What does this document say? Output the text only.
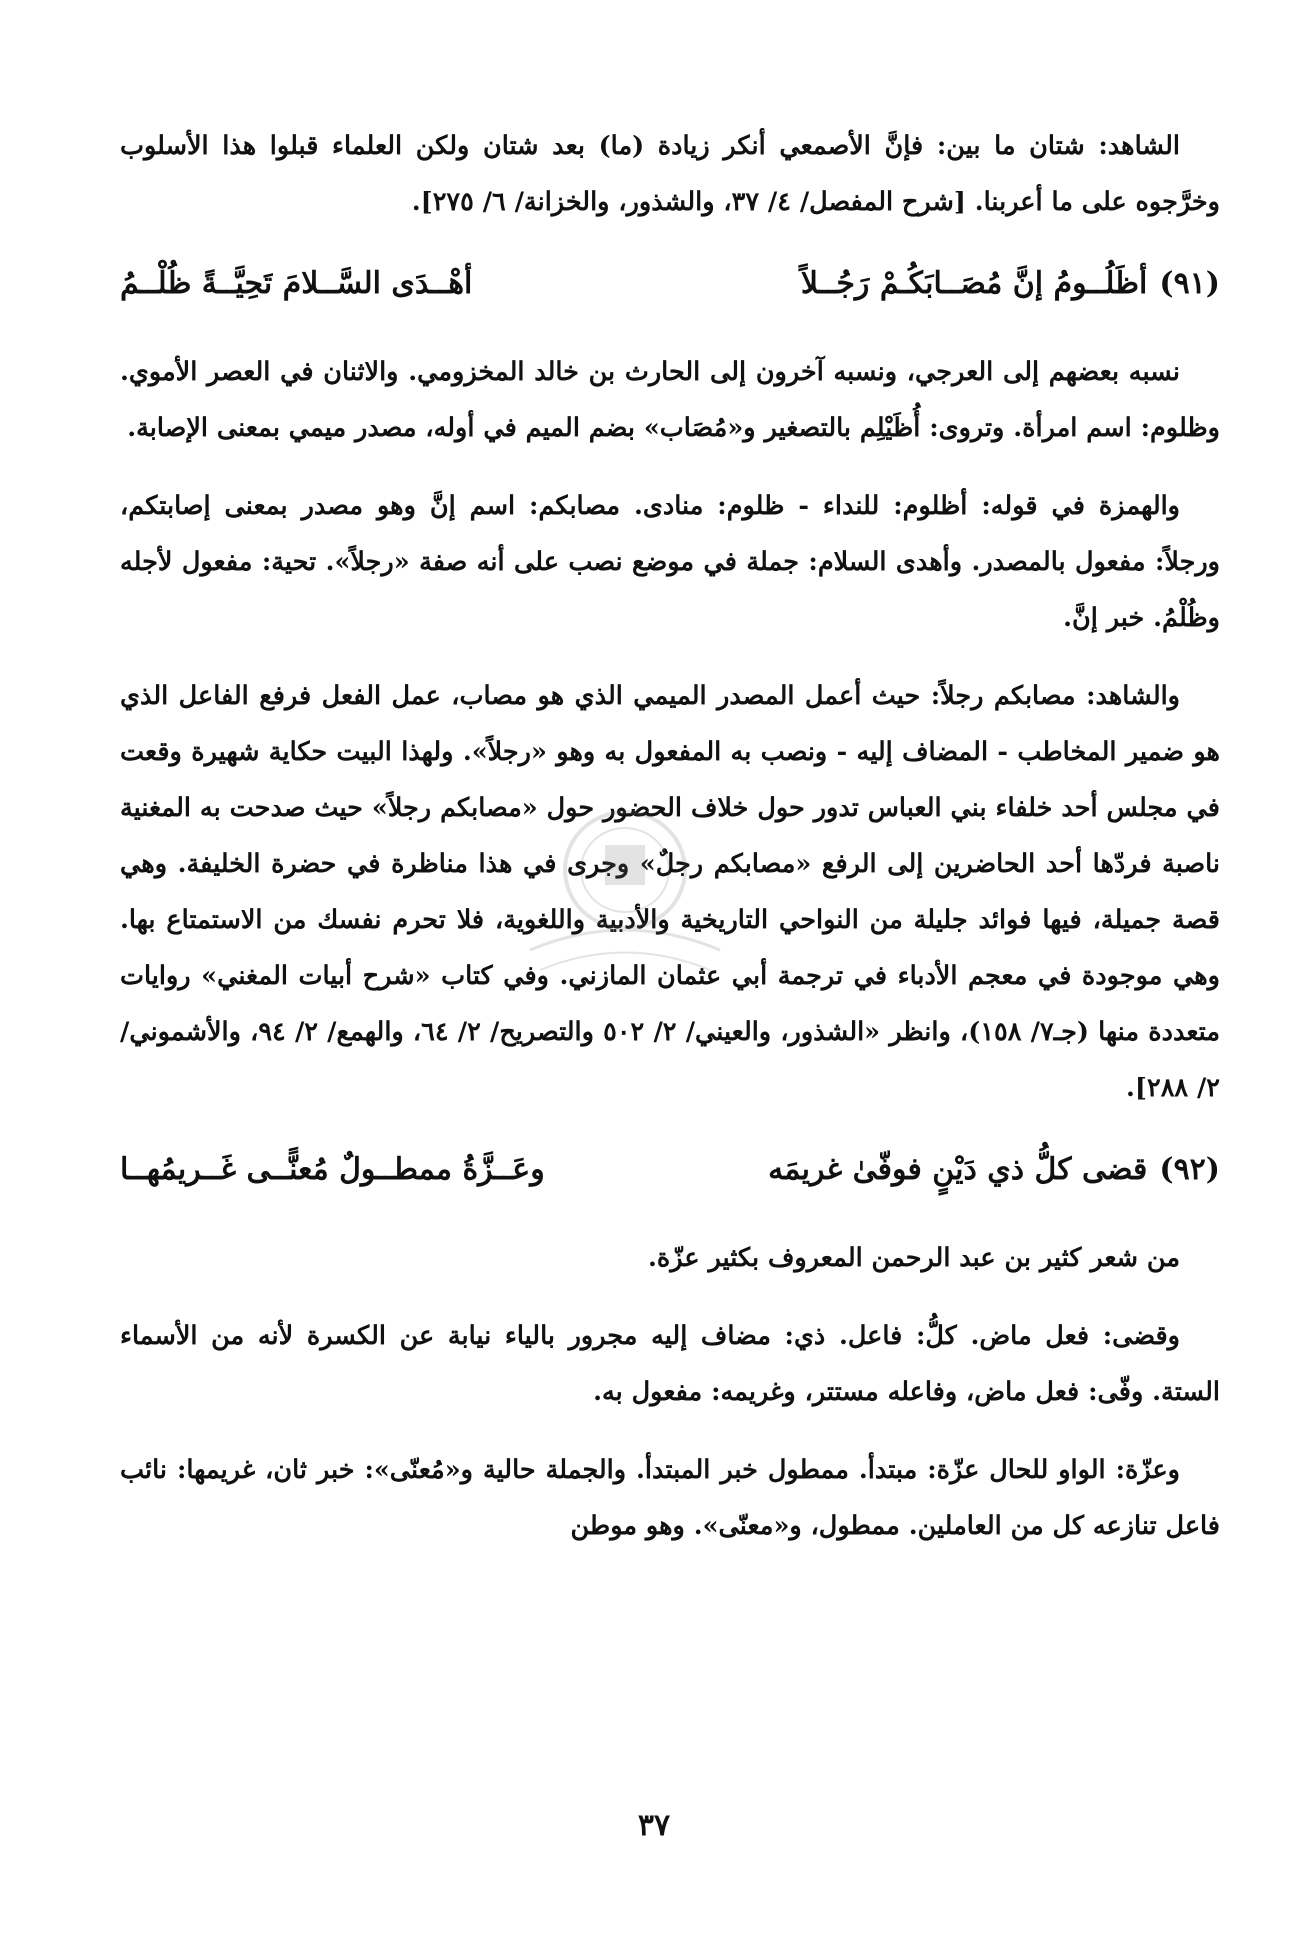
الشاهد: شتان ما بين: فإنَّ الأصمعي أنكر زيادة (ما) بعد شتان ولكن العلماء قبلوا هذا الأسلوب وخرَّجوه على ما أعربنا. [شرح المفصل/ ٤/ ٣٧، والشذور، والخزانة/ ٦/ ٢٧٥].

(٩١)
أظَلُــومُ إنَّ مُصَــابَكُـمْ رَجُــلاً
أهْــدَى السَّــلامَ تَحِيَّــةً ظُلْــمُ

نسبه بعضهم إلى العرجي، ونسبه آخرون إلى الحارث بن خالد المخزومي. والاثنان في العصر الأموي. وظلوم: اسم امرأة. وتروى: أُظَيْلِم بالتصغير و«مُصَاب» بضم الميم في أوله، مصدر ميمي بمعنى الإصابة.

والهمزة في قوله: أظلوم: للنداء - ظلوم: منادى. مصابكم: اسم إنَّ وهو مصدر بمعنى إصابتكم، ورجلاً: مفعول بالمصدر. وأهدى السلام: جملة في موضع نصب على أنه صفة «رجلاً». تحية: مفعول لأجله وظُلْمُ. خبر إنَّ.

والشاهد: مصابكم رجلاً: حيث أعمل المصدر الميمي الذي هو مصاب، عمل الفعل فرفع الفاعل الذي هو ضمير المخاطب - المضاف إليه - ونصب به المفعول به وهو «رجلاً». ولهذا البيت حكاية شهيرة وقعت في مجلس أحد خلفاء بني العباس تدور حول خلاف الحضور حول «مصابكم رجلاً» حيث صدحت به المغنية ناصبة فردّها أحد الحاضرين إلى الرفع «مصابكم رجلٌ» وجرى في هذا مناظرة في حضرة الخليفة. وهي قصة جميلة، فيها فوائد جليلة من النواحي التاريخية والأدبية واللغوية، فلا تحرم نفسك من الاستمتاع بها. وهي موجودة في معجم الأدباء في ترجمة أبي عثمان المازني. وفي كتاب «شرح أبيات المغني» روايات متعددة منها (جـ٧/ ١٥٨)، وانظر «الشذور، والعيني/ ٢/ ٥٠٢ والتصريح/ ٢/ ٦٤، والهمع/ ٢/ ٩٤، والأشموني/ ٢/ ٢٨٨].

(٩٢)
قضى كلُّ ذي دَيْنٍ فوفّىٰ غريمَه
وعَــزَّةُ ممطــولٌ مُعنًّــى غَــريمُهــا

من شعر كثير بن عبد الرحمن المعروف بكثير عزّة.

وقضى: فعل ماض. كلُّ: فاعل. ذي: مضاف إليه مجرور بالياء نيابة عن الكسرة لأنه من الأسماء الستة. وفّى: فعل ماض، وفاعله مستتر، وغريمه: مفعول به.

وعزّة: الواو للحال عزّة: مبتدأ. ممطول خبر المبتدأ. والجملة حالية و«مُعنّى»: خبر ثان، غريمها: نائب فاعل تنازعه كل من العاملين. ممطول، و«معنّى». وهو موطن

٣٧
